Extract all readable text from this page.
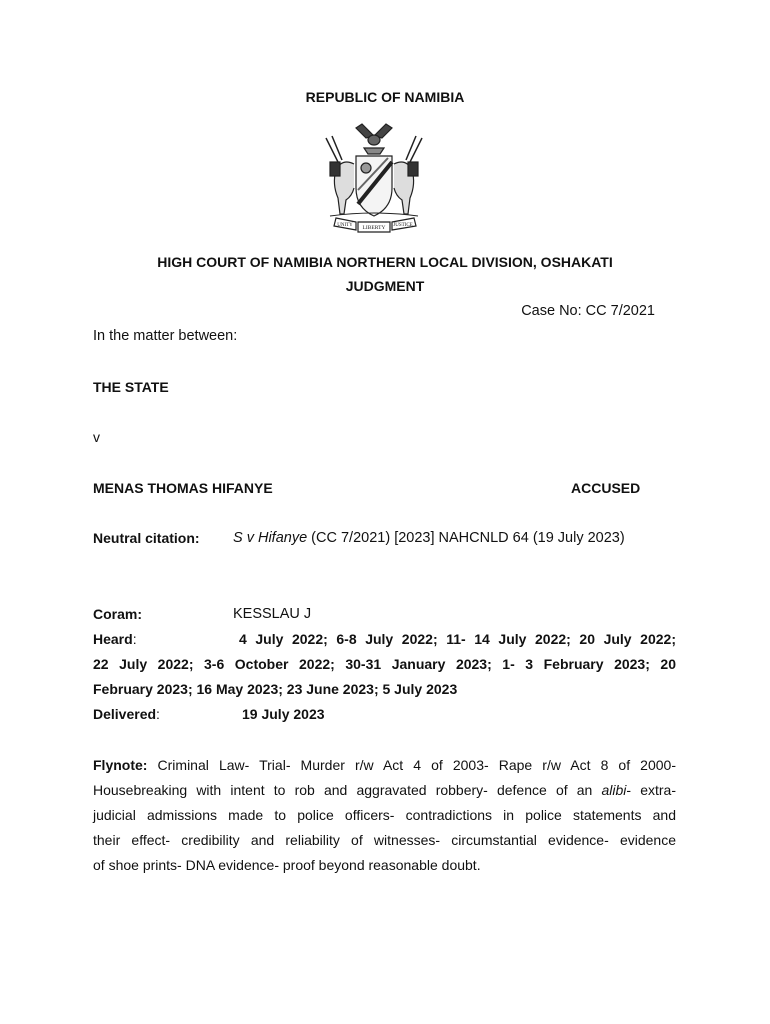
REPUBLIC OF NAMIBIA
UNITY LIBERTY JUSTICE
HIGH COURT OF NAMIBIA NORTHERN LOCAL DIVISION, OSHAKATI
JUDGMENT
Case No: CC 7/2021
In the matter between:
THE STATE
v
MENAS THOMAS HIFANYE	ACCUSED
Neutral citation: S v Hifanye (CC 7/2021) [2023] NAHCNLD 64 (19 July 2023)
Coram:	KESSLAU J
Heard:	4 July 2022; 6-8 July 2022; 11- 14 July 2022; 20 July 2022;
22 July 2022; 3-6 October 2022; 30-31 January 2023; 1- 3 February 2023; 20
February 2023; 16 May 2023; 23 June 2023; 5 July 2023
Delivered:	19 July 2023
Flynote: Criminal Law- Trial- Murder r/w Act 4 of 2003- Rape r/w Act 8 of 2000-
Housebreaking with intent to rob and aggravated robbery- defence of an alibi- extra-
judicial admissions made to police officers- contradictions in police statements and
their effect- credibility and reliability of witnesses- circumstantial evidence- evidence
of shoe prints- DNA evidence- proof beyond reasonable doubt.
